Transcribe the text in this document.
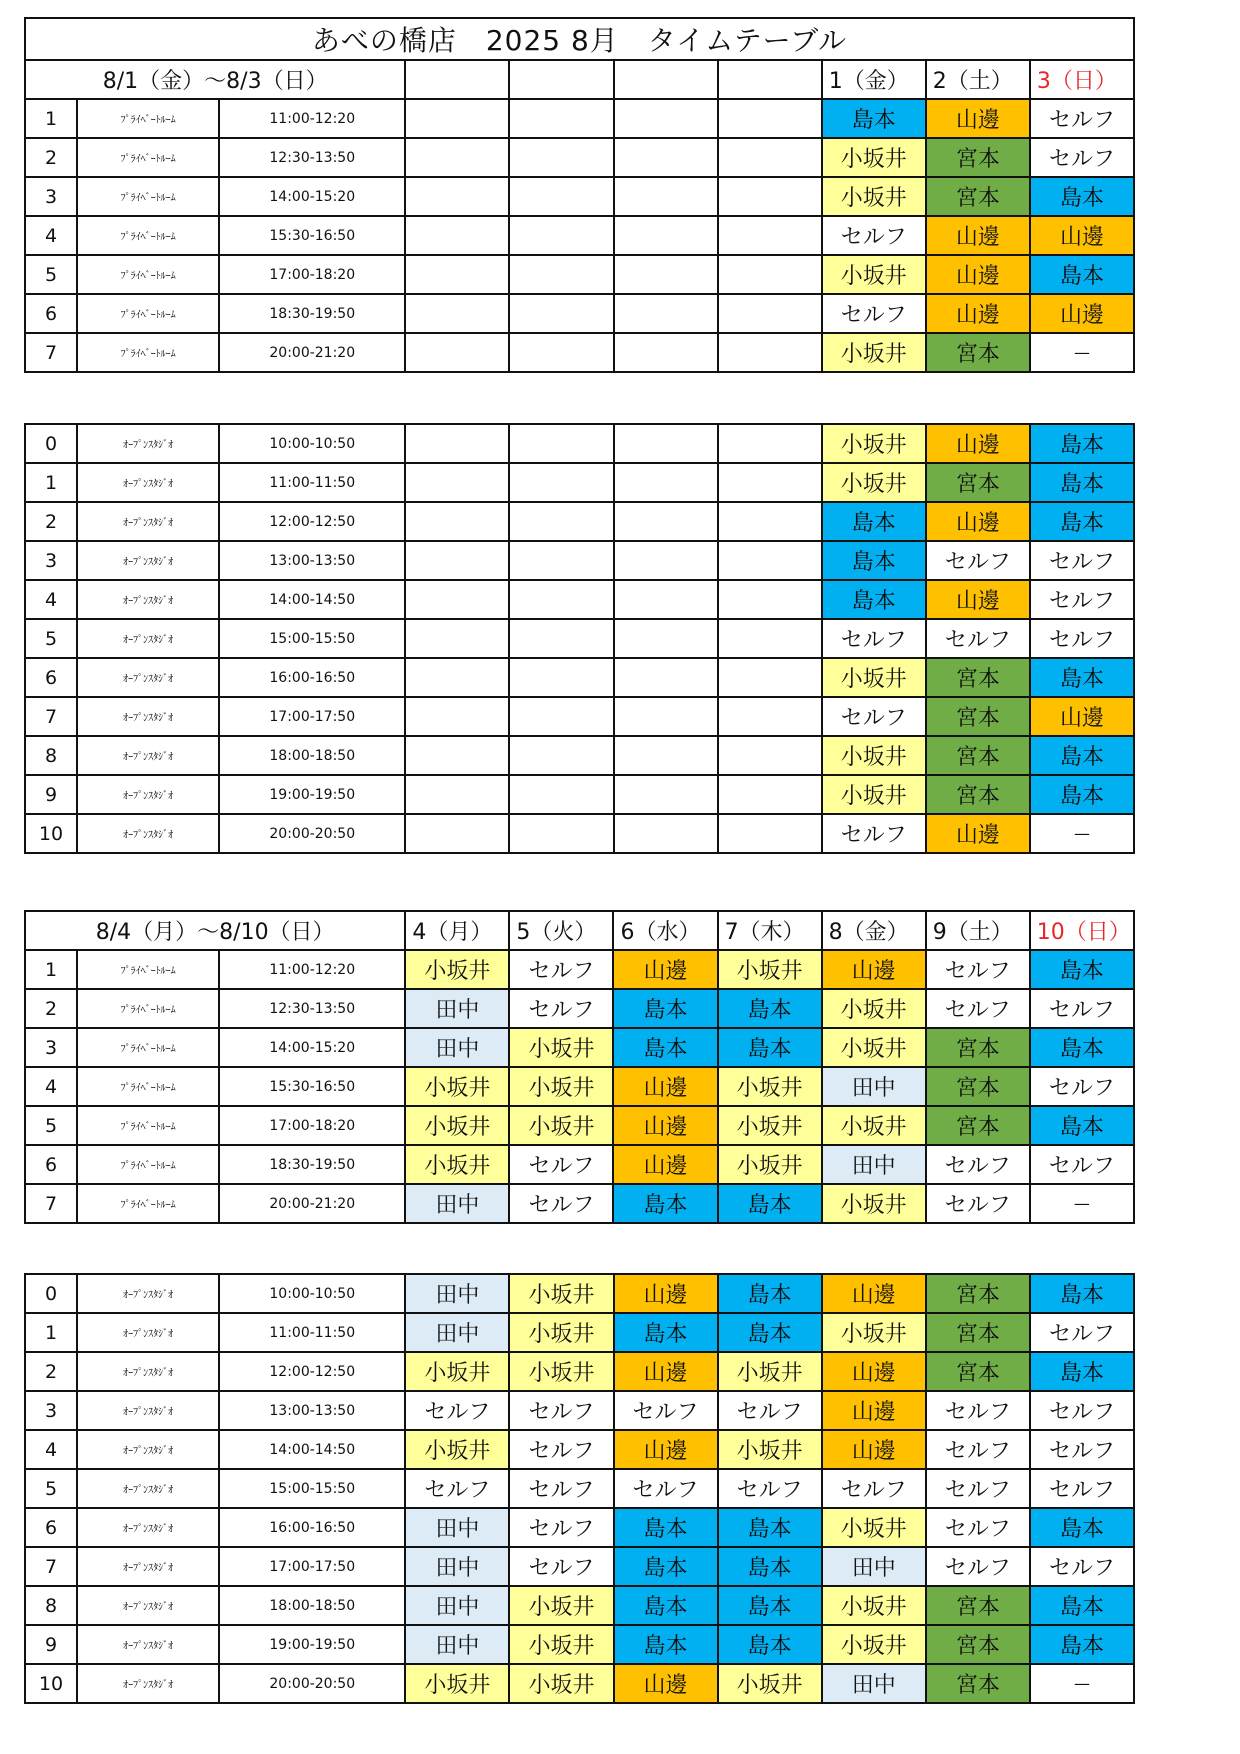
あべの橋店　2025 8月　タイムテーブル									
8/1（金）～8/3（日）							1（金）	2（土）	3（日）
1	ﾌﾟﾗｲﾍﾞｰﾄﾙｰﾑ	11:00-12:20					島本	山邊	セルフ
2	ﾌﾟﾗｲﾍﾞｰﾄﾙｰﾑ	12:30-13:50					小坂井	宮本	セルフ
3	ﾌﾟﾗｲﾍﾞｰﾄﾙｰﾑ	14:00-15:20					小坂井	宮本	島本
4	ﾌﾟﾗｲﾍﾞｰﾄﾙｰﾑ	15:30-16:50					セルフ	山邊	山邊
5	ﾌﾟﾗｲﾍﾞｰﾄﾙｰﾑ	17:00-18:20					小坂井	山邊	島本
6	ﾌﾟﾗｲﾍﾞｰﾄﾙｰﾑ	18:30-19:50					セルフ	山邊	山邊
7	ﾌﾟﾗｲﾍﾞｰﾄﾙｰﾑ	20:00-21:20					小坂井	宮本	—
0	ｵｰﾌﾟﾝｽﾀｼﾞｵ	10:00-10:50					小坂井	山邊	島本
1	ｵｰﾌﾟﾝｽﾀｼﾞｵ	11:00-11:50					小坂井	宮本	島本
2	ｵｰﾌﾟﾝｽﾀｼﾞｵ	12:00-12:50					島本	山邊	島本
3	ｵｰﾌﾟﾝｽﾀｼﾞｵ	13:00-13:50					島本	セルフ	セルフ
4	ｵｰﾌﾟﾝｽﾀｼﾞｵ	14:00-14:50					島本	山邊	セルフ
5	ｵｰﾌﾟﾝｽﾀｼﾞｵ	15:00-15:50					セルフ	セルフ	セルフ
6	ｵｰﾌﾟﾝｽﾀｼﾞｵ	16:00-16:50					小坂井	宮本	島本
7	ｵｰﾌﾟﾝｽﾀｼﾞｵ	17:00-17:50					セルフ	宮本	山邊
8	ｵｰﾌﾟﾝｽﾀｼﾞｵ	18:00-18:50					小坂井	宮本	島本
9	ｵｰﾌﾟﾝｽﾀｼﾞｵ	19:00-19:50					小坂井	宮本	島本
10	ｵｰﾌﾟﾝｽﾀｼﾞｵ	20:00-20:50					セルフ	山邊	—
8/4（月）～8/10（日）			4（月）	5（火）	6（水）	7（木）	8（金）	9（土）	10（日）
1	ﾌﾟﾗｲﾍﾞｰﾄﾙｰﾑ	11:00-12:20	小坂井	セルフ	山邊	小坂井	山邊	セルフ	島本
2	ﾌﾟﾗｲﾍﾞｰﾄﾙｰﾑ	12:30-13:50	田中	セルフ	島本	島本	小坂井	セルフ	セルフ
3	ﾌﾟﾗｲﾍﾞｰﾄﾙｰﾑ	14:00-15:20	田中	小坂井	島本	島本	小坂井	宮本	島本
4	ﾌﾟﾗｲﾍﾞｰﾄﾙｰﾑ	15:30-16:50	小坂井	小坂井	山邊	小坂井	田中	宮本	セルフ
5	ﾌﾟﾗｲﾍﾞｰﾄﾙｰﾑ	17:00-18:20	小坂井	小坂井	山邊	小坂井	小坂井	宮本	島本
6	ﾌﾟﾗｲﾍﾞｰﾄﾙｰﾑ	18:30-19:50	小坂井	セルフ	山邊	小坂井	田中	セルフ	セルフ
7	ﾌﾟﾗｲﾍﾞｰﾄﾙｰﾑ	20:00-21:20	田中	セルフ	島本	島本	小坂井	セルフ	—
0	ｵｰﾌﾟﾝｽﾀｼﾞｵ	10:00-10:50	田中	小坂井	山邊	島本	山邊	宮本	島本
1	ｵｰﾌﾟﾝｽﾀｼﾞｵ	11:00-11:50	田中	小坂井	島本	島本	小坂井	宮本	セルフ
2	ｵｰﾌﾟﾝｽﾀｼﾞｵ	12:00-12:50	小坂井	小坂井	山邊	小坂井	山邊	宮本	島本
3	ｵｰﾌﾟﾝｽﾀｼﾞｵ	13:00-13:50	セルフ	セルフ	セルフ	セルフ	山邊	セルフ	セルフ
4	ｵｰﾌﾟﾝｽﾀｼﾞｵ	14:00-14:50	小坂井	セルフ	山邊	小坂井	山邊	セルフ	セルフ
5	ｵｰﾌﾟﾝｽﾀｼﾞｵ	15:00-15:50	セルフ	セルフ	セルフ	セルフ	セルフ	セルフ	セルフ
6	ｵｰﾌﾟﾝｽﾀｼﾞｵ	16:00-16:50	田中	セルフ	島本	島本	小坂井	セルフ	島本
7	ｵｰﾌﾟﾝｽﾀｼﾞｵ	17:00-17:50	田中	セルフ	島本	島本	田中	セルフ	セルフ
8	ｵｰﾌﾟﾝｽﾀｼﾞｵ	18:00-18:50	田中	小坂井	島本	島本	小坂井	宮本	島本
9	ｵｰﾌﾟﾝｽﾀｼﾞｵ	19:00-19:50	田中	小坂井	島本	島本	小坂井	宮本	島本
10	ｵｰﾌﾟﾝｽﾀｼﾞｵ	20:00-20:50	小坂井	小坂井	山邊	小坂井	田中	宮本	—
